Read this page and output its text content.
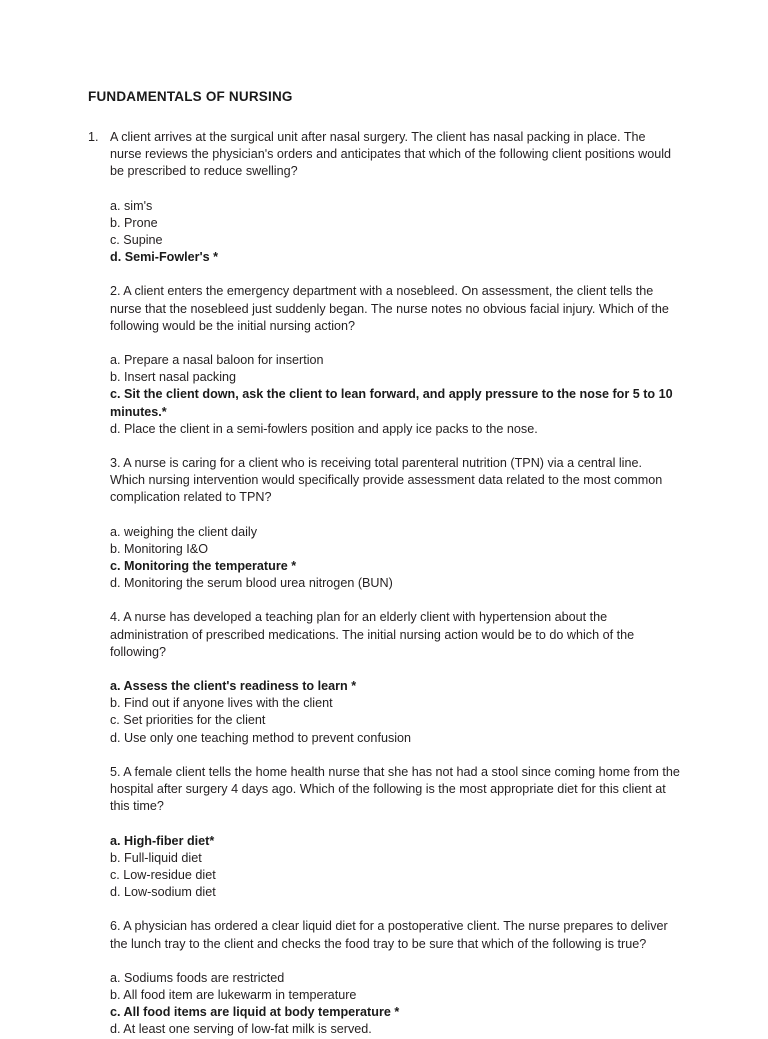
FUNDAMENTALS OF NURSING
1. A client arrives at the surgical unit after nasal surgery. The client has nasal packing in place. The nurse reviews the physician's orders and anticipates that which of the following client positions would be prescribed to reduce swelling?

a. sim's
b. Prone
c. Supine
d. Semi-Fowler's *

2. A client enters the emergency department with a nosebleed. On assessment, the client tells the nurse that the nosebleed just suddenly began. The nurse notes no obvious facial injury. Which of the following would be the initial nursing action?

a. Prepare a nasal baloon for insertion
b. Insert nasal packing
c. Sit the client down, ask the client to lean forward, and apply pressure to the nose for 5 to 10 minutes.*
d. Place the client in a semi-fowlers position and apply ice packs to the nose.

3. A nurse is caring for a client who is receiving total parenteral nutrition (TPN) via a central line. Which nursing intervention would specifically provide assessment data related to the most common complication related to TPN?

a. weighing the client daily
b. Monitoring I&O
c. Monitoring the temperature *
d. Monitoring the serum blood urea nitrogen (BUN)

4. A nurse has developed a teaching plan for an elderly client with hypertension about the administration of prescribed medications. The initial nursing action would be to do which of the following?

a. Assess the client's readiness to learn *
b. Find out if anyone lives with the client
c. Set priorities for the client
d. Use only one teaching method to prevent confusion

5. A female client tells the home health nurse that she has not had a stool since coming home from the hospital after surgery 4 days ago. Which of the following is the most appropriate diet for this client at this time?

a. High-fiber diet*
b. Full-liquid diet
c. Low-residue diet
d. Low-sodium diet

6. A physician has ordered a clear liquid diet for a postoperative client. The nurse prepares to deliver the lunch tray to the client and checks the food tray to be sure that which of the following is true?

a. Sodiums foods are restricted
b. All food item are lukewarm in temperature
c. All food items are liquid at body temperature *
d. At least one serving of low-fat milk is served.
